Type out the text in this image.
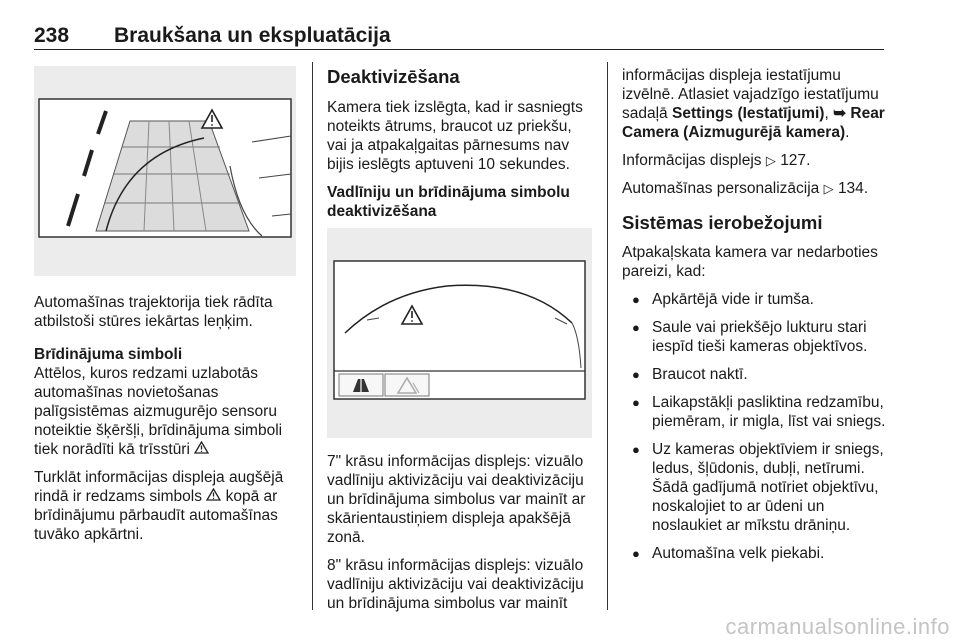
238 Braukšana un ekspluatācija

Automašīnas trajektorija tiek rādīta atbilstoši stūres iekārtas leņķim.

Brīdinājuma simboli

Attēlos, kuros redzami uzlabotās automašīnas novietošanas palīgsistēmas aizmugurējo sensoru noteiktie šķēršļi, brīdinājuma simboli tiek norādīti kā trīsstūri

Turklāt informācijas displeja augšējā rindā ir redzams simbols kopā ar brīdinājumu pārbaudīt automašīnas tuvāko apkārtni.

Deaktivizēšana

Kamera tiek izslēgta, kad ir sasniegts noteikts ātrums, braucot uz priekšu, vai ja atpakaļgaitas pārnesums nav bijis ieslēgts aptuveni 10 sekundes.

Vadlīniju un brīdinājuma simbolu deaktivizēšana

7" krāsu informācijas displejs: vizuālo vadlīniju aktivizāciju vai deaktivizāciju un brīdinājuma simbolus var mainīt ar skārientaustiņiem displeja apakšējā zonā.

8" krāsu informācijas displejs: vizuālo vadlīniju aktivizāciju vai deaktivizāciju un brīdinājuma simbolus var mainīt

informācijas displeja iestatījumu izvēlnē. Atlasiet vajadzīgo iestatījumu sadaļā Settings (Iestatījumi), ➥ Rear Camera (Aizmugurējā kamera).

Informācijas displejs ▷ 127.

Automašīnas personalizācija ▷ 134.

Sistēmas ierobežojumi

Atpakaļskata kamera var nedarboties pareizi, kad:

● Apkārtējā vide ir tumša.
● Saule vai priekšējo lukturu stari iespīd tieši kameras objektīvos.
● Braucot naktī.
● Laikapstākļi pasliktina redzamību, piemēram, ir migla, līst vai sniegs.
● Uz kameras objektīviem ir sniegs, ledus, šļūdonis, dubļi, netīrumi. Šādā gadījumā notīriet objektīvu, noskalojiet to ar ūdeni un noslaukiet ar mīkstu drāniņu.
● Automašīna velk piekabi.
carmanualsonline.info
